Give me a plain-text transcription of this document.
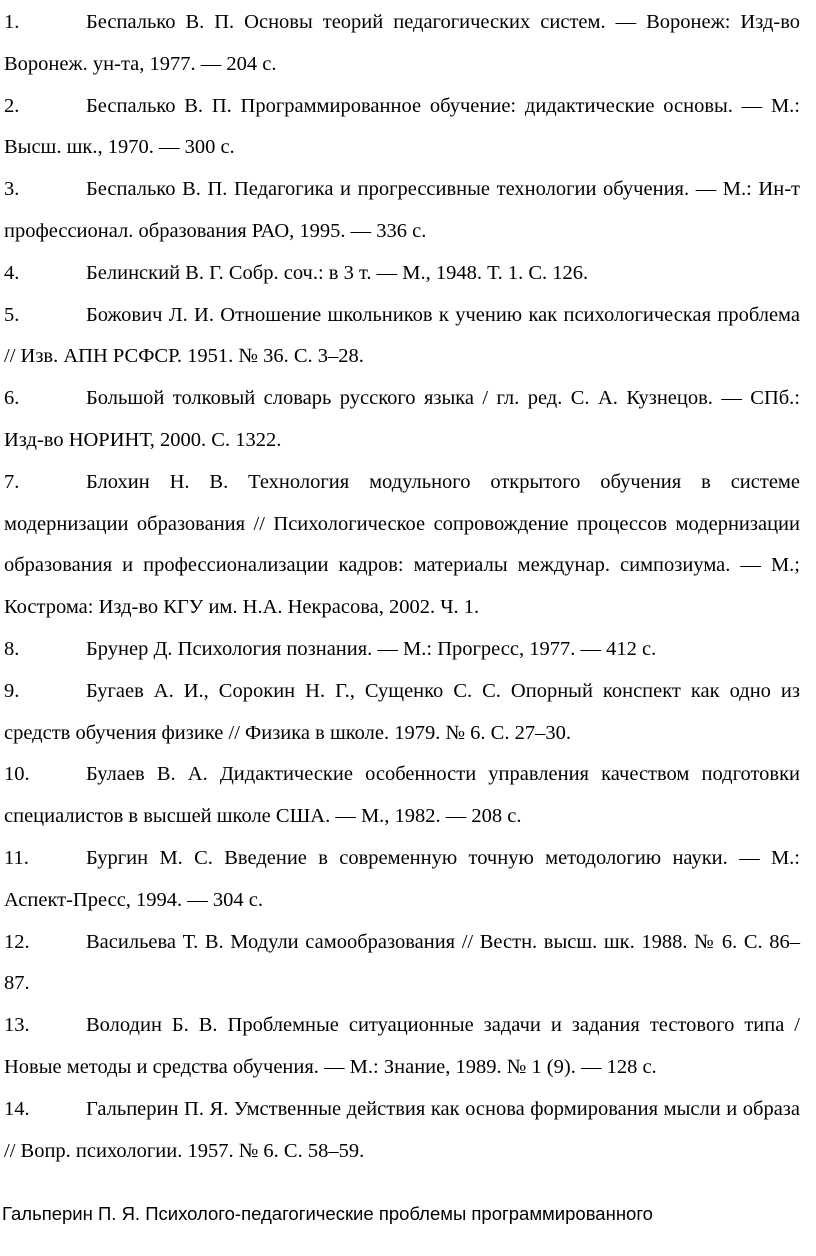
1.	Беспалько В. П. Основы теорий педагогических систем. — Воронеж: Изд-во Воронеж. ун-та, 1977. — 204 с.
2.	Беспалько В. П. Программированное обучение: дидактические основы. — М.: Высш. шк., 1970. — 300 с.
3.	Беспалько В. П. Педагогика и прогрессивные технологии обучения. — М.: Ин-т профессионал. образования РАО, 1995. — 336 с.
4.	Белинский В. Г. Собр. соч.: в 3 т. — М., 1948. Т. 1. С. 126.
5.	Божович Л. И. Отношение школьников к учению как психологическая проблема // Изв. АПН РСФСР. 1951. № 36. С. 3–28.
6.	Большой толковый словарь русского языка / гл. ред. С. А. Кузнецов. — СПб.: Изд-во НОРИНТ, 2000. С. 1322.
7.	Блохин Н. В. Технология модульного открытого обучения в системе модернизации образования // Психологическое сопровождение процессов модернизации образования и профессионализации кадров: материалы междунар. симпозиума. — М.; Кострома: Изд-во КГУ им. Н.А. Некрасова, 2002. Ч. 1.
8.	Брунер Д. Психология познания. — М.: Прогресс, 1977. — 412 с.
9.	Бугаев А. И., Сорокин Н. Г., Сущенко С. С. Опорный конспект как одно из средств обучения физике // Физика в школе. 1979. № 6. С. 27–30.
10.	Булаев В. А. Дидактические особенности управления качеством подготовки специалистов в высшей школе США. — М., 1982. — 208 с.
11.	Бургин М. С. Введение в современную точную методологию науки. — М.: Аспект-Пресс, 1994. — 304 с.
12.	Васильева Т. В. Модули самообразования // Вестн. высш. шк. 1988. № 6. С. 86–87.
13.	Володин Б. В. Проблемные ситуационные задачи и задания тестового типа /Новые методы и средства обучения. — М.: Знание, 1989. № 1 (9). — 128 с.
14.	Гальперин П. Я. Умственные действия как основа формирования мысли и образа // Вопр. психологии. 1957. № 6. С. 58–59.
Гальперин П. Я. Психолого-педагогические проблемы программированного
